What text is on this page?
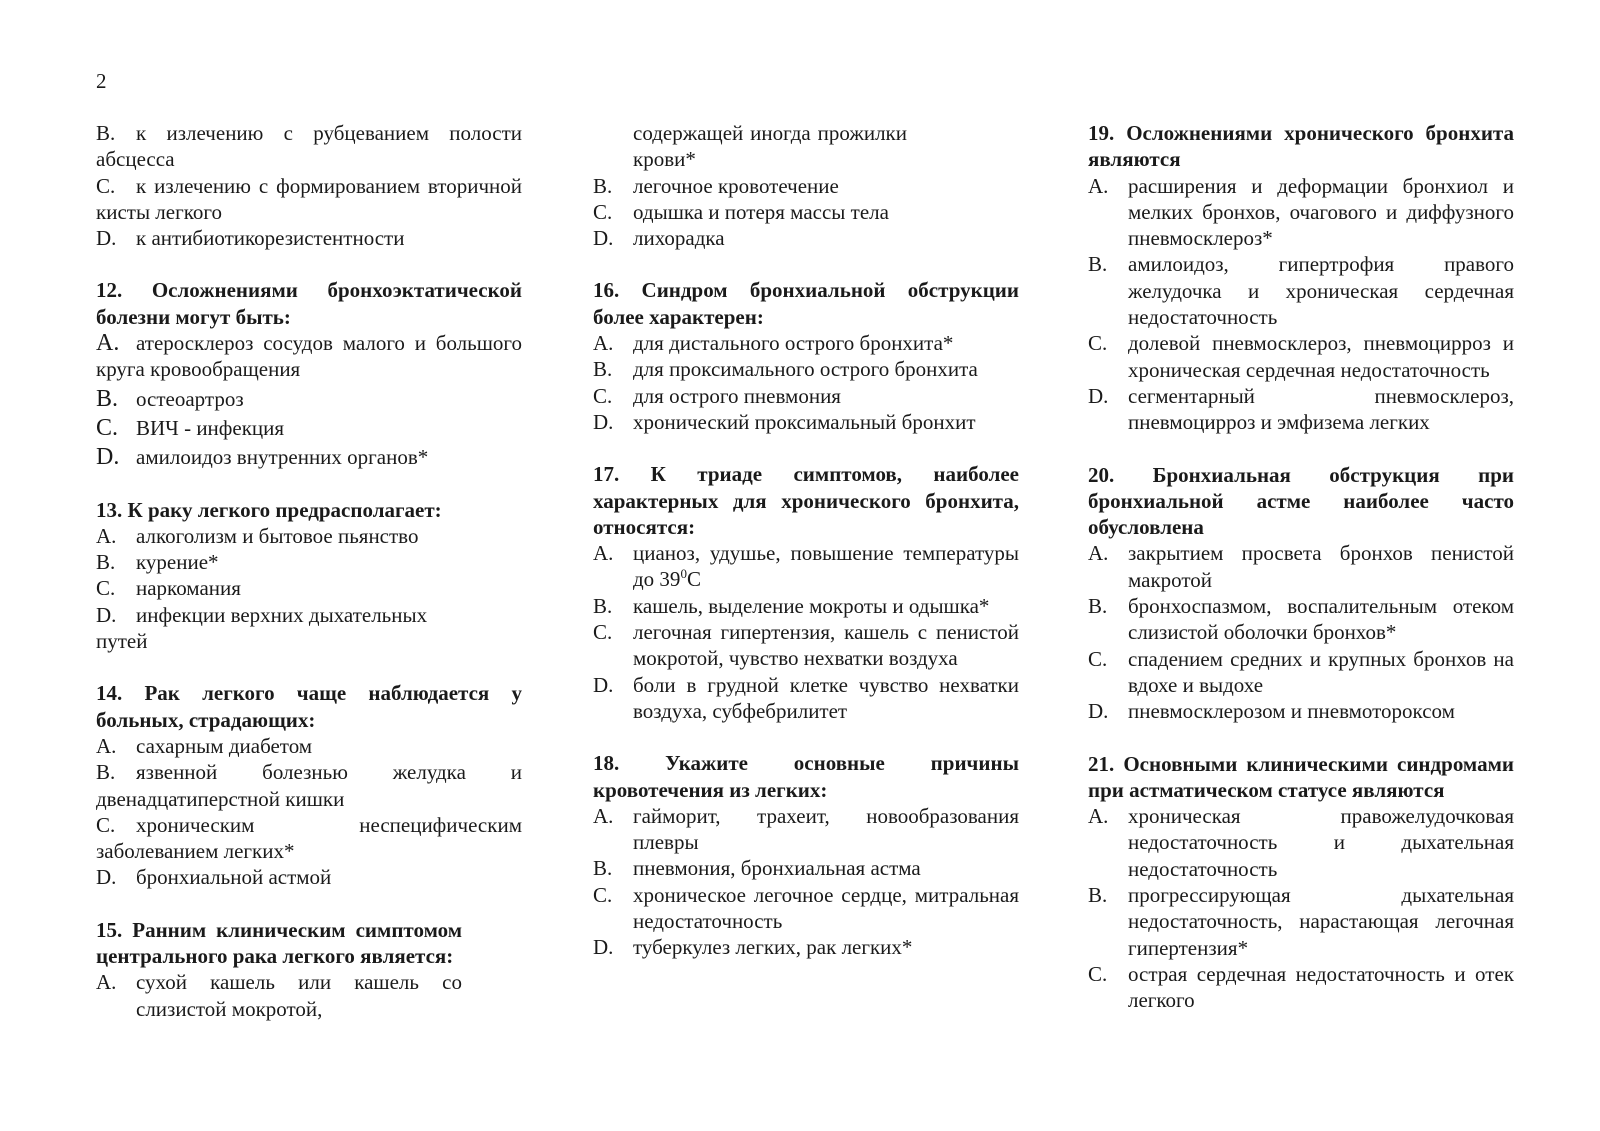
2
B. к излечению с рубцеванием полости абсцесса
C. к излечению с формированием вторичной кисты легкого
D. к антибиотикорезистентности
12. Осложнениями бронхоэктатической болезни могут быть:
A. атеросклероз сосудов малого и большого круга кровообращения
B. остеоартроз
C. ВИЧ - инфекция
D. амилоидоз внутренних органов*
13. К раку легкого предрасполагает:
A. алкоголизм и бытовое пьянство
B. курение*
C. наркомания
D. инфекции верхних дыхательных путей
14. Рак легкого чаще наблюдается у больных, страдающих:
A. сахарным диабетом
B. язвенной болезнью желудка и двенадцатиперстной кишки
C. хроническим неспецифическим заболеванием легких*
D. бронхиальной астмой
15. Ранним клиническим симптомом центрального рака легкого является:
A. сухой кашель или кашель со слизистой мокротой,
содержащей иногда прожилки крови*
B. легочное кровотечение
C. одышка и потеря массы тела
D. лихорадка
16. Синдром бронхиальной обструкции более характерен:
A. для дистального острого бронхита*
B. для проксимального острого бронхита
C. для острого пневмония
D. хронический проксимальный бронхит
17. К триаде симптомов, наиболее характерных для хронического бронхита, относятся:
A. цианоз, удушье, повышение температуры до $39^0С$
B. кашель, выделение мокроты и одышка*
C. легочная гипертензия, кашель с пенистой мокротой, чувство нехватки воздуха
D. боли в грудной клетке чувство нехватки воздуха, субфебрилитет
18. Укажите основные причины кровотечения из легких:
A. гайморит, трахеит, новообразования плевры
B. пневмония, бронхиальная астма
C. хроническое легочное сердце, митральная недостаточность
D. туберкулез легких, рак легких*
19. Осложнениями хронического бронхита являются
A. расширения и деформации бронхиол и мелких бронхов, очагового и диффузного пневмосклероз*
B. амилоидоз, гипертрофия правого желудочка и хроническая сердечная недостаточность
C. долевой пневмосклероз, пневмоцирроз и хроническая сердечная недостаточность
D. сегментарный пневмосклероз, пневмоцирроз и эмфизема легких
20. Бронхиальная обструкция при бронхиальной астме наиболее часто обусловлена
A. закрытием просвета бронхов пенистой макротой
B. бронхоспазмом, воспалительным отеком слизистой оболочки бронхов*
C. спадением средних и крупных бронхов на вдохе и выдохе
D. пневмосклерозом и пневмотороксом
21. Основными клиническими синдромами при астматическом статусе являются
A. хроническая правожелудочковая недостаточность и дыхательная недостаточность
B. прогрессирующая дыхательная недостаточность, нарастающая легочная гипертензия*
C. острая сердечная недостаточность и отек легкого
